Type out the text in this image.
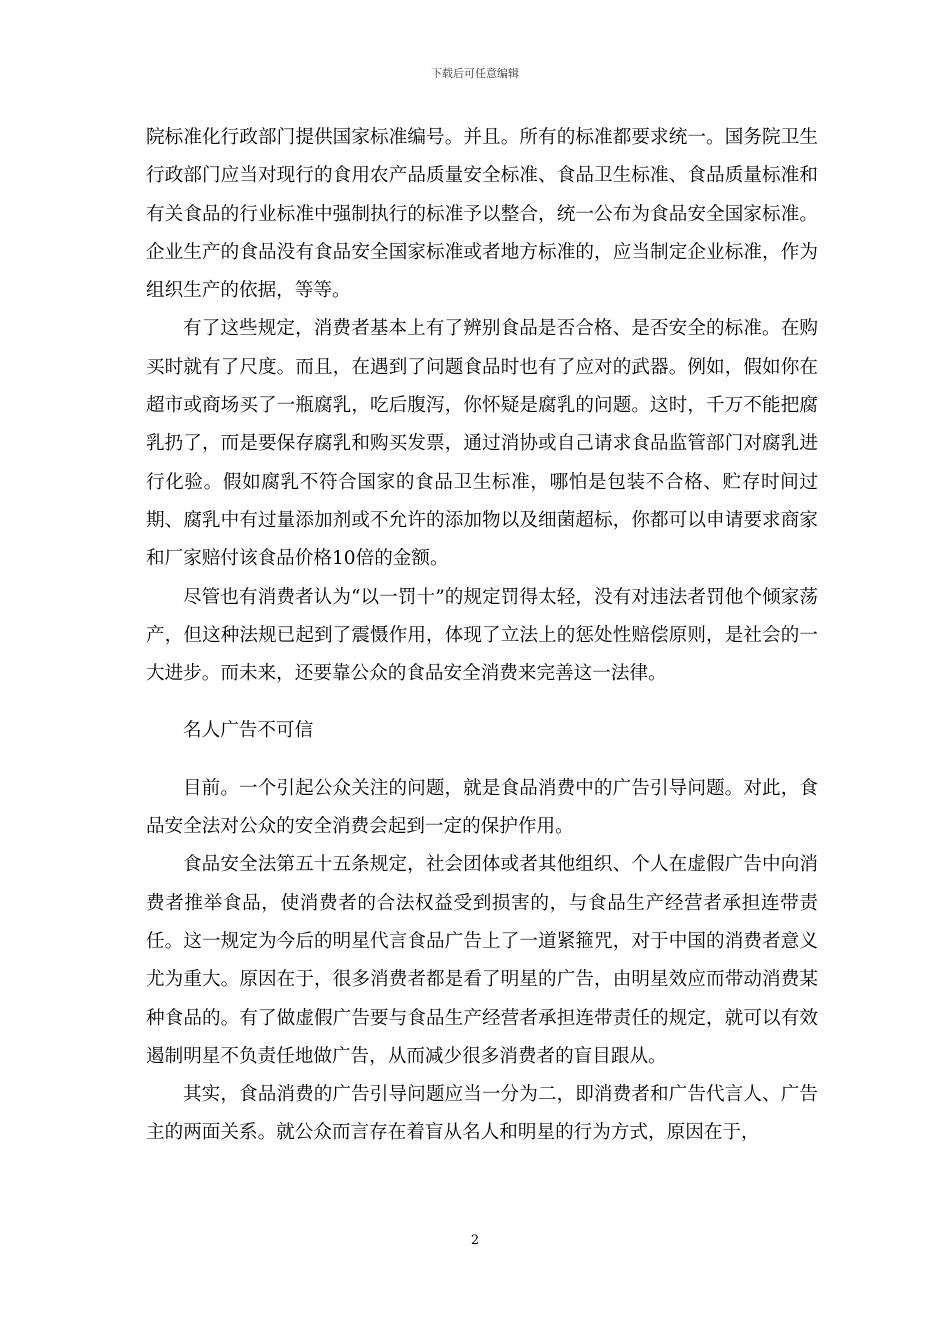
下载后可任意编辑

院标准化行政部门提供国家标准编号。并且。所有的标准都要求统一。国务院卫生行政部门应当对现行的食用农产品质量安全标准、食品卫生标准、食品质量标准和有关食品的行业标准中强制执行的标准予以整合，统一公布为食品安全国家标准。企业生产的食品没有食品安全国家标准或者地方标准的，应当制定企业标准，作为组织生产的依据，等等。

有了这些规定，消费者基本上有了辨别食品是否合格、是否安全的标准。在购买时就有了尺度。而且，在遇到了问题食品时也有了应对的武器。例如，假如你在超市或商场买了一瓶腐乳，吃后腹泻，你怀疑是腐乳的问题。这时，千万不能把腐乳扔了，而是要保存腐乳和购买发票，通过消协或自己请求食品监管部门对腐乳进行化验。假如腐乳不符合国家的食品卫生标准，哪怕是包装不合格、贮存时间过期、腐乳中有过量添加剂或不允许的添加物以及细菌超标，你都可以申请要求商家和厂家赔付该食品价格10倍的金额。

尽管也有消费者认为“以一罚十”的规定罚得太轻，没有对违法者罚他个倾家荡产，但这种法规已起到了震慑作用，体现了立法上的惩处性赔偿原则，是社会的一大进步。而未来，还要靠公众的食品安全消费来完善这一法律。

名人广告不可信

目前。一个引起公众关注的问题，就是食品消费中的广告引导问题。对此，食品安全法对公众的安全消费会起到一定的保护作用。

食品安全法第五十五条规定，社会团体或者其他组织、个人在虚假广告中向消费者推举食品，使消费者的合法权益受到损害的，与食品生产经营者承担连带责任。这一规定为今后的明星代言食品广告上了一道紧箍咒，对于中国的消费者意义尤为重大。原因在于，很多消费者都是看了明星的广告，由明星效应而带动消费某种食品的。有了做虚假广告要与食品生产经营者承担连带责任的规定，就可以有效遏制明星不负责任地做广告，从而减少很多消费者的盲目跟从。

其实，食品消费的广告引导问题应当一分为二，即消费者和广告代言人、广告主的两面关系。就公众而言存在着盲从名人和明星的行为方式，原因在于，

2
